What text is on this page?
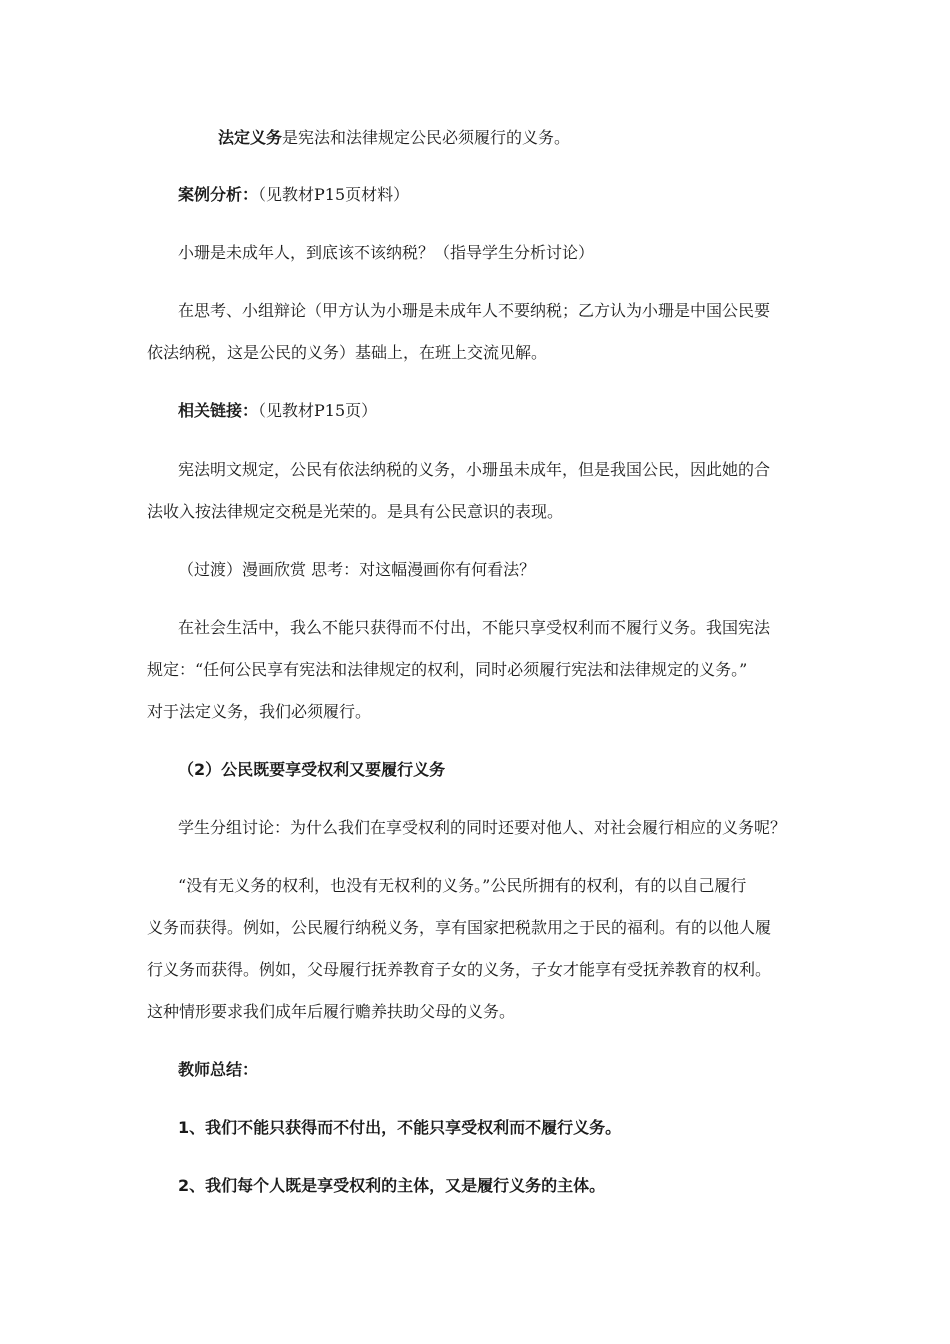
法定义务是宪法和法律规定公民必须履行的义务。
案例分析：（见教材P15页材料）
小珊是未成年人，到底该不该纳税？（指导学生分析讨论）
在思考、小组辩论（甲方认为小珊是未成年人不要纳税；乙方认为小珊是中国公民要
依法纳税，这是公民的义务）基础上，在班上交流见解。
相关链接：（见教材P15页）
宪法明文规定，公民有依法纳税的义务，小珊虽未成年，但是我国公民，因此她的合
法收入按法律规定交税是光荣的。是具有公民意识的表现。
（过渡）漫画欣赏 思考：对这幅漫画你有何看法？
在社会生活中，我么不能只获得而不付出，不能只享受权利而不履行义务。我国宪法
规定：“任何公民享有宪法和法律规定的权利，同时必须履行宪法和法律规定的义务。”
对于法定义务，我们必须履行。
（2）公民既要享受权利又要履行义务
学生分组讨论：为什么我们在享受权利的同时还要对他人、对社会履行相应的义务呢？
“没有无义务的权利，也没有无权利的义务。”公民所拥有的权利，有的以自己履行
义务而获得。例如，公民履行纳税义务，享有国家把税款用之于民的福利。有的以他人履
行义务而获得。例如，父母履行抚养教育子女的义务，子女才能享有受抚养教育的权利。
这种情形要求我们成年后履行赡养扶助父母的义务。
教师总结：
1、我们不能只获得而不付出，不能只享受权利而不履行义务。
2、我们每个人既是享受权利的主体，又是履行义务的主体。
